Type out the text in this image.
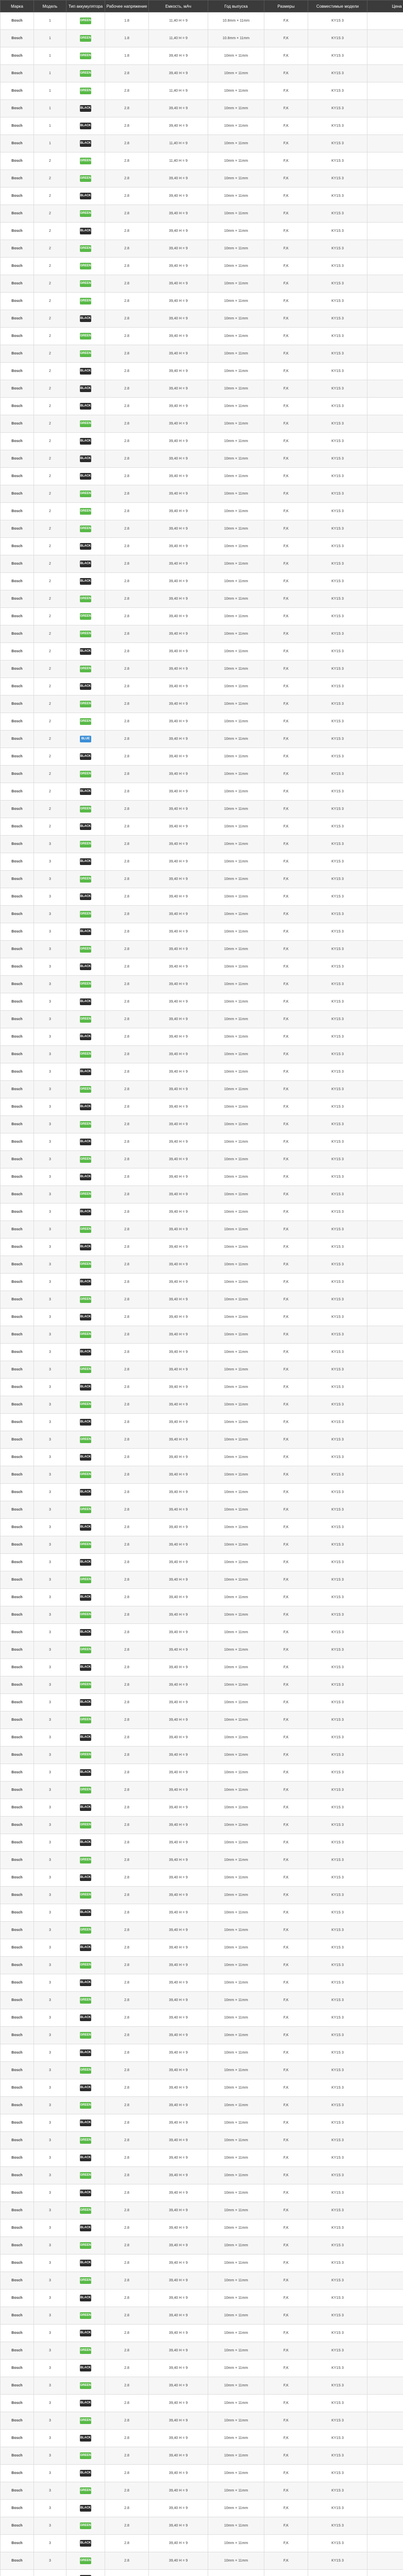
Марка	Модель	Тип аккумулятора	Рабочее напряжение	Емкость, мАч	Год выпуска	Размеры	Совместимые модели	Цена
Bosch	1	GREEN	1.8	11,40 H = 9	10.8mm × 11mm	F,K	KY1S 3	
Bosch	1	GREEN	1.8	11,40 H = 9	10.8mm × 11mm	F,K	KY1S 3	
Bosch	1	GREEN	1.8	39,40 H = 9	10mm × 11mm	F,K	KY1S 3	
Bosch	1	GREEN	2.8	39,40 H = 9	10mm × 11mm	F,K	KY1S 3	
Bosch	1	GREEN	2.8	11,40 H = 9	10mm × 11mm	F,K	KY1S 3	
Bosch	1	BLACK	2.8	39,40 H = 9	10mm × 11mm	F,K	KY1S 3	
Bosch	1	BLACK	2.8	39,40 H = 9	10mm × 11mm	F,K	KY1S 3	
Bosch	1	BLACK	2.8	11,40 H = 9	10mm × 11mm	F,K	KY1S 3	
Bosch	2	GREEN	2.8	11,40 H = 9	10mm × 11mm	F,K	KY1S 3	
Bosch	2	GREEN	2.8	39,40 H = 9	10mm × 11mm	F,K	KY1S 3	
Bosch	2	BLACK	2.8	39,40 H = 9	10mm × 11mm	F,K	KY1S 3	
Bosch	2	GREEN	2.8	39,40 H = 9	10mm × 11mm	F,K	KY1S 3	
Bosch	2	BLACK	2.8	39,40 H = 9	10mm × 11mm	F,K	KY1S 3	
Bosch	2	GREEN	2.8	39,40 H = 9	10mm × 11mm	F,K	KY1S 3	
Bosch	2	GREEN	2.8	39,40 H = 9	10mm × 11mm	F,K	KY1S 3	
Bosch	2	GREEN	2.8	39,40 H = 9	10mm × 11mm	F,K	KY1S 3	
Bosch	2	GREEN	2.8	39,40 H = 9	10mm × 11mm	F,K	KY1S 3	
Bosch	2	BLACK	2.8	39,40 H = 9	10mm × 11mm	F,K	KY1S 3	
Bosch	2	GREEN	2.8	39,40 H = 9	10mm × 11mm	F,K	KY1S 3	
Bosch	2	GREEN	2.8	39,40 H = 9	10mm × 11mm	F,K	KY1S 3	
Bosch	2	BLACK	2.8	39,40 H = 9	10mm × 11mm	F,K	KY1S 3	
Bosch	2	BLACK	2.8	39,40 H = 9	10mm × 11mm	F,K	KY1S 3	
Bosch	2	BLACK	2.8	39,40 H = 9	10mm × 11mm	F,K	KY1S 3	
Bosch	2	GREEN	2.8	39,40 H = 9	10mm × 11mm	F,K	KY1S 3	
Bosch	2	BLACK	2.8	39,40 H = 9	10mm × 11mm	F,K	KY1S 3	
Bosch	2	BLACK	2.8	39,40 H = 9	10mm × 11mm	F,K	KY1S 3	
Bosch	2	BLACK	2.8	39,40 H = 9	10mm × 11mm	F,K	KY1S 3	
Bosch	2	GREEN	2.8	39,40 H = 9	10mm × 11mm	F,K	KY1S 3	
Bosch	2	GREEN	2.8	39,40 H = 9	10mm × 11mm	F,K	KY1S 3	
Bosch	2	GREEN	2.8	39,40 H = 9	10mm × 11mm	F,K	KY1S 3	
Bosch	2	BLACK	2.8	39,40 H = 9	10mm × 11mm	F,K	KY1S 3	
Bosch	2	BLACK	2.8	39,40 H = 9	10mm × 11mm	F,K	KY1S 3	
Bosch	2	BLACK	2.8	39,40 H = 9	10mm × 11mm	F,K	KY1S 3	
Bosch	2	GREEN	2.8	39,40 H = 9	10mm × 11mm	F,K	KY1S 3	
Bosch	2	GREEN	2.8	39,40 H = 9	10mm × 11mm	F,K	KY1S 3	
Bosch	2	GREEN	2.8	39,40 H = 9	10mm × 11mm	F,K	KY1S 3	
Bosch	2	BLACK	2.8	39,40 H = 9	10mm × 11mm	F,K	KY1S 3	
Bosch	2	GREEN	2.8	39,40 H = 9	10mm × 11mm	F,K	KY1S 3	
Bosch	2	BLACK	2.8	39,40 H = 9	10mm × 11mm	F,K	KY1S 3	
Bosch	2	GREEN	2.8	39,40 H = 9	10mm × 11mm	F,K	KY1S 3	
Bosch	2	GREEN	2.8	39,40 H = 9	10mm × 11mm	F,K	KY1S 3	
Bosch	2	BLUE	2.8	39,40 H = 9	10mm × 11mm	F,K	KY1S 3	
Bosch	2	BLACK	2.8	39,40 H = 9	10mm × 11mm	F,K	KY1S 3	
Bosch	2	GREEN	2.8	39,40 H = 9	10mm × 11mm	F,K	KY1S 3	
Bosch	2	BLACK	2.8	39,40 H = 9	10mm × 11mm	F,K	KY1S 3	
Bosch	2	GREEN	2.8	39,40 H = 9	10mm × 11mm	F,K	KY1S 3	
Bosch	2	BLACK	2.8	39,40 H = 9	10mm × 11mm	F,K	KY1S 3	
Bosch	3	GREEN	2.8	39,40 H = 9	10mm × 11mm	F,K	KY1S 3	
Bosch	3	BLACK	2.8	39,40 H = 9	10mm × 11mm	F,K	KY1S 3	
Bosch	3	GREEN	2.8	39,40 H = 9	10mm × 11mm	F,K	KY1S 3	
Bosch	3	BLACK	2.8	39,40 H = 9	10mm × 11mm	F,K	KY1S 3	
Bosch	3	GREEN	2.8	39,40 H = 9	10mm × 11mm	F,K	KY1S 3	
Bosch	3	BLACK	2.8	39,40 H = 9	10mm × 11mm	F,K	KY1S 3	
Bosch	3	GREEN	2.8	39,40 H = 9	10mm × 11mm	F,K	KY1S 3	
Bosch	3	BLACK	2.8	39,40 H = 9	10mm × 11mm	F,K	KY1S 3	
Bosch	3	GREEN	2.8	39,40 H = 9	10mm × 11mm	F,K	KY1S 3	
Bosch	3	BLACK	2.8	39,40 H = 9	10mm × 11mm	F,K	KY1S 3	
Bosch	3	GREEN	2.8	39,40 H = 9	10mm × 11mm	F,K	KY1S 3	
Bosch	3	BLACK	2.8	39,40 H = 9	10mm × 11mm	F,K	KY1S 3	
Bosch	3	GREEN	2.8	39,40 H = 9	10mm × 11mm	F,K	KY1S 3	
Bosch	3	BLACK	2.8	39,40 H = 9	10mm × 11mm	F,K	KY1S 3	
Bosch	3	GREEN	2.8	39,40 H = 9	10mm × 11mm	F,K	KY1S 3	
Bosch	3	BLACK	2.8	39,40 H = 9	10mm × 11mm	F,K	KY1S 3	
Bosch	3	GREEN	2.8	39,40 H = 9	10mm × 11mm	F,K	KY1S 3	
Bosch	3	BLACK	2.8	39,40 H = 9	10mm × 11mm	F,K	KY1S 3	
Bosch	3	GREEN	2.8	39,40 H = 9	10mm × 11mm	F,K	KY1S 3	
Bosch	3	BLACK	2.8	39,40 H = 9	10mm × 11mm	F,K	KY1S 3	
Bosch	3	GREEN	2.8	39,40 H = 9	10mm × 11mm	F,K	KY1S 3	
Bosch	3	BLACK	2.8	39,40 H = 9	10mm × 11mm	F,K	KY1S 3	
Bosch	3	GREEN	2.8	39,40 H = 9	10mm × 11mm	F,K	KY1S 3	
Bosch	3	BLACK	2.8	39,40 H = 9	10mm × 11mm	F,K	KY1S 3	
Bosch	3	GREEN	2.8	39,40 H = 9	10mm × 11mm	F,K	KY1S 3	
Bosch	3	BLACK	2.8	39,40 H = 9	10mm × 11mm	F,K	KY1S 3	
Bosch	3	GREEN	2.8	39,40 H = 9	10mm × 11mm	F,K	KY1S 3	
Bosch	3	BLACK	2.8	39,40 H = 9	10mm × 11mm	F,K	KY1S 3	
Bosch	3	GREEN	2.8	39,40 H = 9	10mm × 11mm	F,K	KY1S 3	
Bosch	3	BLACK	2.8	39,40 H = 9	10mm × 11mm	F,K	KY1S 3	
Bosch	3	GREEN	2.8	39,40 H = 9	10mm × 11mm	F,K	KY1S 3	
Bosch	3	BLACK	2.8	39,40 H = 9	10mm × 11mm	F,K	KY1S 3	
Bosch	3	GREEN	2.8	39,40 H = 9	10mm × 11mm	F,K	KY1S 3	
Bosch	3	BLACK	2.8	39,40 H = 9	10mm × 11mm	F,K	KY1S 3	
Bosch	3	GREEN	2.8	39,40 H = 9	10mm × 11mm	F,K	KY1S 3	
Bosch	3	BLACK	2.8	39,40 H = 9	10mm × 11mm	F,K	KY1S 3	
Bosch	3	GREEN	2.8	39,40 H = 9	10mm × 11mm	F,K	KY1S 3	
Bosch	3	BLACK	2.8	39,40 H = 9	10mm × 11mm	F,K	KY1S 3	
Bosch	3	GREEN	2.8	39,40 H = 9	10mm × 11mm	F,K	KY1S 3	
Bosch	3	BLACK	2.8	39,40 H = 9	10mm × 11mm	F,K	KY1S 3	
Bosch	3	GREEN	2.8	39,40 H = 9	10mm × 11mm	F,K	KY1S 3	
Bosch	3	BLACK	2.8	39,40 H = 9	10mm × 11mm	F,K	KY1S 3	
Bosch	3	GREEN	2.8	39,40 H = 9	10mm × 11mm	F,K	KY1S 3	
Bosch	3	BLACK	2.8	39,40 H = 9	10mm × 11mm	F,K	KY1S 3	
Bosch	3	GREEN	2.8	39,40 H = 9	10mm × 11mm	F,K	KY1S 3	
Bosch	3	BLACK	2.8	39,40 H = 9	10mm × 11mm	F,K	KY1S 3	
Bosch	3	GREEN	2.8	39,40 H = 9	10mm × 11mm	F,K	KY1S 3	
Bosch	3	BLACK	2.8	39,40 H = 9	10mm × 11mm	F,K	KY1S 3	
Bosch	3	GREEN	2.8	39,40 H = 9	10mm × 11mm	F,K	KY1S 3	
Bosch	3	BLACK	2.8	39,40 H = 9	10mm × 11mm	F,K	KY1S 3	
Bosch	3	GREEN	2.8	39,40 H = 9	10mm × 11mm	F,K	KY1S 3	
Bosch	3	BLACK	2.8	39,40 H = 9	10mm × 11mm	F,K	KY1S 3	
Bosch	3	GREEN	2.8	39,40 H = 9	10mm × 11mm	F,K	KY1S 3	
Bosch	3	BLACK	2.8	39,40 H = 9	10mm × 11mm	F,K	KY1S 3	
Bosch	3	GREEN	2.8	39,40 H = 9	10mm × 11mm	F,K	KY1S 3	
Bosch	3	BLACK	2.8	39,40 H = 9	10mm × 11mm	F,K	KY1S 3	
Bosch	3	GREEN	2.8	39,40 H = 9	10mm × 11mm	F,K	KY1S 3	
Bosch	3	BLACK	2.8	39,40 H = 9	10mm × 11mm	F,K	KY1S 3	
Bosch	3	GREEN	2.8	39,40 H = 9	10mm × 11mm	F,K	KY1S 3	
Bosch	3	BLACK	2.8	39,40 H = 9	10mm × 11mm	F,K	KY1S 3	
Bosch	3	GREEN	2.8	39,40 H = 9	10mm × 11mm	F,K	KY1S 3	
Bosch	3	BLACK	2.8	39,40 H = 9	10mm × 11mm	F,K	KY1S 3	
Bosch	3	GREEN	2.8	39,40 H = 9	10mm × 11mm	F,K	KY1S 3	
Bosch	3	BLACK	2.8	39,40 H = 9	10mm × 11mm	F,K	KY1S 3	
Bosch	3	GREEN	2.8	39,40 H = 9	10mm × 11mm	F,K	KY1S 3	
Bosch	3	BLACK	2.8	39,40 H = 9	10mm × 11mm	F,K	KY1S 3	
Bosch	3	GREEN	2.8	39,40 H = 9	10mm × 11mm	F,K	KY1S 3	
Bosch	3	BLACK	2.8	39,40 H = 9	10mm × 11mm	F,K	KY1S 3	
Bosch	3	GREEN	2.8	39,40 H = 9	10mm × 11mm	F,K	KY1S 3	
Bosch	3	BLACK	2.8	39,40 H = 9	10mm × 11mm	F,K	KY1S 3	
Bosch	3	GREEN	2.8	39,40 H = 9	10mm × 11mm	F,K	KY1S 3	
Bosch	3	BLACK	2.8	39,40 H = 9	10mm × 11mm	F,K	KY1S 3	
Bosch	3	GREEN	2.8	39,40 H = 9	10mm × 11mm	F,K	KY1S 3	
Bosch	3	BLACK	2.8	39,40 H = 9	10mm × 11mm	F,K	KY1S 3	
Bosch	3	GREEN	2.8	39,40 H = 9	10mm × 11mm	F,K	KY1S 3	
Bosch	3	BLACK	2.8	39,40 H = 9	10mm × 11mm	F,K	KY1S 3	
Bosch	3	GREEN	2.8	39,40 H = 9	10mm × 11mm	F,K	KY1S 3	
Bosch	3	BLACK	2.8	39,40 H = 9	10mm × 11mm	F,K	KY1S 3	
Bosch	3	GREEN	2.8	39,40 H = 9	10mm × 11mm	F,K	KY1S 3	
Bosch	3	BLACK	2.8	39,40 H = 9	10mm × 11mm	F,K	KY1S 3	
Bosch	3	GREEN	2.8	39,40 H = 9	10mm × 11mm	F,K	KY1S 3	
Bosch	3	BLACK	2.8	39,40 H = 9	10mm × 11mm	F,K	KY1S 3	
Bosch	3	GREEN	2.8	39,40 H = 9	10mm × 11mm	F,K	KY1S 3	
Bosch	3	BLACK	2.8	39,40 H = 9	10mm × 11mm	F,K	KY1S 3	
Bosch	3	GREEN	2.8	39,40 H = 9	10mm × 11mm	F,K	KY1S 3	
Bosch	3	BLACK	2.8	39,40 H = 9	10mm × 11mm	F,K	KY1S 3	
Bosch	3	GREEN	2.8	39,40 H = 9	10mm × 11mm	F,K	KY1S 3	
Bosch	3	BLACK	2.8	39,40 H = 9	10mm × 11mm	F,K	KY1S 3	
Bosch	3	GREEN	2.8	39,40 H = 9	10mm × 11mm	F,K	KY1S 3	
Bosch	3	BLACK	2.8	39,40 H = 9	10mm × 11mm	F,K	KY1S 3	
Bosch	3	GREEN	2.8	39,40 H = 9	10mm × 11mm	F,K	KY1S 3	
Bosch	3	BLACK	2.8	39,40 H = 9	10mm × 11mm	F,K	KY1S 3	
Bosch	3	GREEN	2.8	39,40 H = 9	10mm × 11mm	F,K	KY1S 3	
Bosch	3	BLACK	2.8	39,40 H = 9	10mm × 11mm	F,K	KY1S 3	
Bosch	3	GREEN	2.8	39,40 H = 9	10mm × 11mm	F,K	KY1S 3	
Bosch	3	BLACK	2.8	39,40 H = 9	10mm × 11mm	F,K	KY1S 3	
Bosch	3	GREEN	2.8	39,40 H = 9	10mm × 11mm	F,K	KY1S 3	
Bosch	3	BLACK	2.8	39,40 H = 9	10mm × 11mm	F,K	KY1S 3	
Bosch	3	GREEN	2.8	39,40 H = 9	10mm × 11mm	F,K	KY1S 3	
